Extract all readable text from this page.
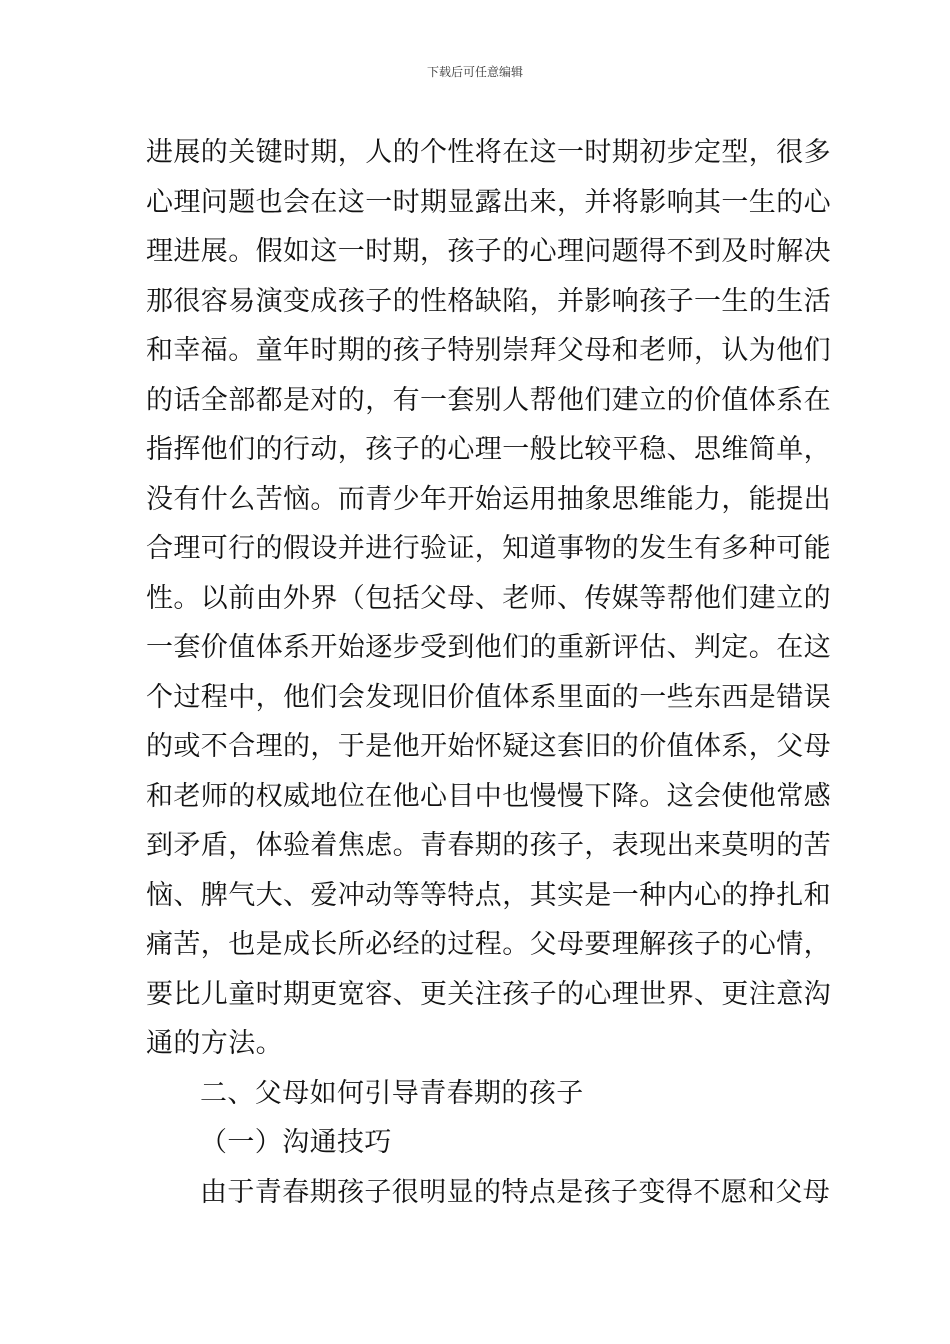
下载后可任意编辑
进展的关键时期，人的个性将在这一时期初步定型，很多
心理问题也会在这一时期显露出来，并将影响其一生的心
理进展。假如这一时期，孩子的心理问题得不到及时解决
那很容易演变成孩子的性格缺陷，并影响孩子一生的生活
和幸福。童年时期的孩子特别崇拜父母和老师，认为他们
的话全部都是对的，有一套别人帮他们建立的价值体系在
指挥他们的行动，孩子的心理一般比较平稳、思维简单，
没有什么苦恼。而青少年开始运用抽象思维能力，能提出
合理可行的假设并进行验证，知道事物的发生有多种可能
性。以前由外界（包括父母、老师、传媒等帮他们建立的
一套价值体系开始逐步受到他们的重新评估、判定。在这
个过程中，他们会发现旧价值体系里面的一些东西是错误
的或不合理的，于是他开始怀疑这套旧的价值体系，父母
和老师的权威地位在他心目中也慢慢下降。这会使他常感
到矛盾，体验着焦虑。青春期的孩子，表现出来莫明的苦
恼、脾气大、爱冲动等等特点，其实是一种内心的挣扎和
痛苦，也是成长所必经的过程。父母要理解孩子的心情，
要比儿童时期更宽容、更关注孩子的心理世界、更注意沟
通的方法。
二、父母如何引导青春期的孩子
（一）沟通技巧
由于青春期孩子很明显的特点是孩子变得不愿和父母
